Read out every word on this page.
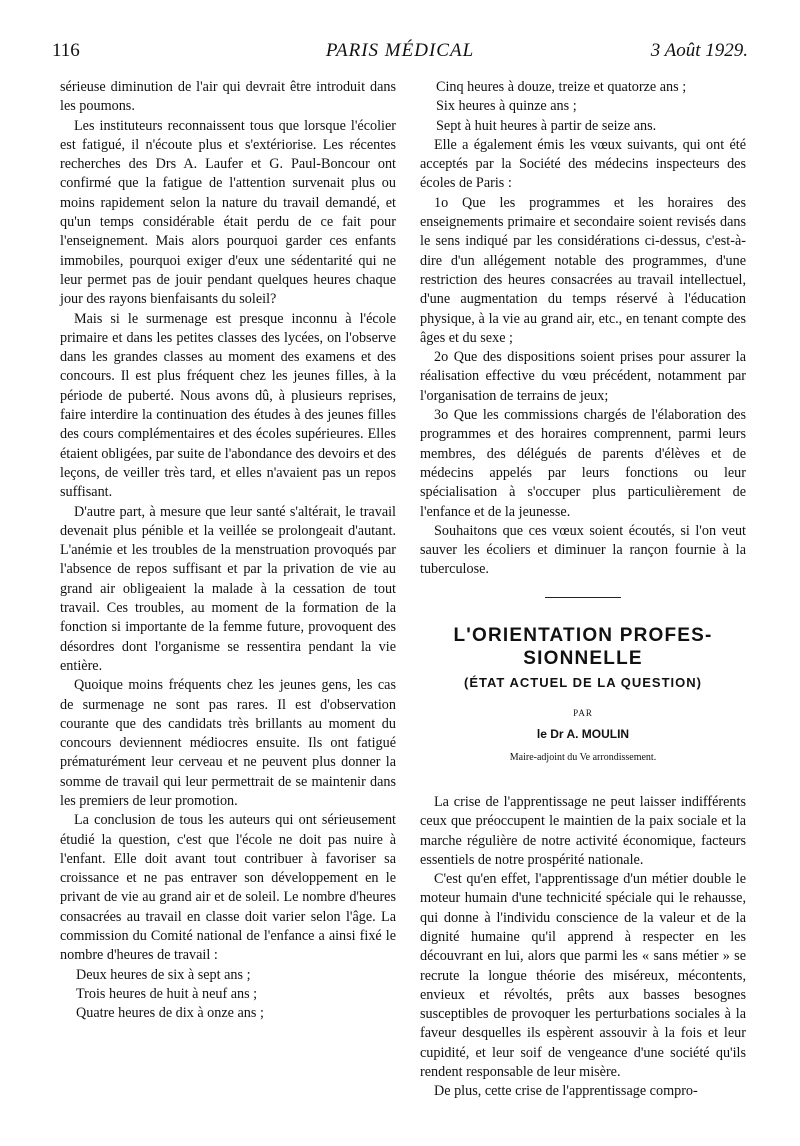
116	PARIS MÉDICAL	3 Août 1929.

sérieuse diminution de l'air qui devrait être introduit dans les poumons.

Les instituteurs reconnaissent tous que lorsque l'écolier est fatigué, il n'écoute plus et s'extériorise. Les récentes recherches des Drs A. Laufer et G. Paul-Boncour ont confirmé que la fatigue de l'attention survenait plus ou moins rapidement selon la nature du travail demandé, et qu'un temps considérable était perdu de ce fait pour l'enseignement. Mais alors pourquoi garder ces enfants immobiles, pourquoi exiger d'eux une sédentarité qui ne leur permet pas de jouir pendant quelques heures chaque jour des rayons bienfaisants du soleil?

Mais si le surmenage est presque inconnu à l'école primaire et dans les petites classes des lycées, on l'observe dans les grandes classes au moment des examens et des concours. Il est plus fréquent chez les jeunes filles, à la période de puberté. Nous avons dû, à plusieurs reprises, faire interdire la continuation des études à des jeunes filles des cours complémentaires et des écoles supérieures. Elles étaient obligées, par suite de l'abondance des devoirs et des leçons, de veiller très tard, et elles n'avaient pas un repos suffisant.

D'autre part, à mesure que leur santé s'altérait, le travail devenait plus pénible et la veillée se prolongeait d'autant. L'anémie et les troubles de la menstruation provoqués par l'absence de repos suffisant et par la privation de vie au grand air obligeaient la malade à la cessation de tout travail. Ces troubles, au moment de la formation de la fonction si importante de la femme future, provoquent des désordres dont l'organisme se ressentira pendant la vie entière.

Quoique moins fréquents chez les jeunes gens, les cas de surmenage ne sont pas rares. Il est d'observation courante que des candidats très brillants au moment du concours deviennent médiocres ensuite. Ils ont fatigué prématurément leur cerveau et ne peuvent plus donner la somme de travail qui leur permettrait de se maintenir dans les premiers de leur promotion.

La conclusion de tous les auteurs qui ont sérieusement étudié la question, c'est que l'école ne doit pas nuire à l'enfant. Elle doit avant tout contribuer à favoriser sa croissance et ne pas entraver son développement en le privant de vie au grand air et de soleil. Le nombre d'heures consacrées au travail en classe doit varier selon l'âge. La commission du Comité national de l'enfance a ainsi fixé le nombre d'heures de travail :

Deux heures de six à sept ans ;

Trois heures de huit à neuf ans ;

Quatre heures de dix à onze ans ;

Cinq heures à douze, treize et quatorze ans ;

Six heures à quinze ans ;

Sept à huit heures à partir de seize ans.

Elle a également émis les vœux suivants, qui ont été acceptés par la Société des médecins inspecteurs des écoles de Paris :

1o Que les programmes et les horaires des enseignements primaire et secondaire soient revisés dans le sens indiqué par les considérations ci-dessus, c'est-à-dire d'un allégement notable des programmes, d'une restriction des heures consacrées au travail intellectuel, d'une augmentation du temps réservé à l'éducation physique, à la vie au grand air, etc., en tenant compte des âges et du sexe ;

2o Que des dispositions soient prises pour assurer la réalisation effective du vœu précédent, notamment par l'organisation de terrains de jeux;

3o Que les commissions chargés de l'élaboration des programmes et des horaires comprennent, parmi leurs membres, des délégués de parents d'élèves et de médecins appelés par leurs fonctions ou leur spécialisation à s'occuper plus particulièrement de l'enfance et de la jeunesse.

Souhaitons que ces vœux soient écoutés, si l'on veut sauver les écoliers et diminuer la rançon fournie à la tuberculose.

L'ORIENTATION PROFES-
SIONNELLE
(ÉTAT ACTUEL DE LA QUESTION)
PAR
le Dr A. MOULIN
Maire-adjoint du Ve arrondissement.

La crise de l'apprentissage ne peut laisser indifférents ceux que préoccupent le maintien de la paix sociale et la marche régulière de notre activité économique, facteurs essentiels de notre prospérité nationale.

C'est qu'en effet, l'apprentissage d'un métier double le moteur humain d'une technicité spéciale qui le rehausse, qui donne à l'individu conscience de la valeur et de la dignité humaine qu'il apprend à respecter en les découvrant en lui, alors que parmi les « sans métier » se recrute la longue théorie des miséreux, mécontents, envieux et révoltés, prêts aux basses besognes susceptibles de provoquer les perturbations sociales à la faveur desquelles ils espèrent assouvir à la fois et leur cupidité, et leur soif de vengeance d'une société qu'ils rendent responsable de leur misère.

De plus, cette crise de l'apprentissage compro-
